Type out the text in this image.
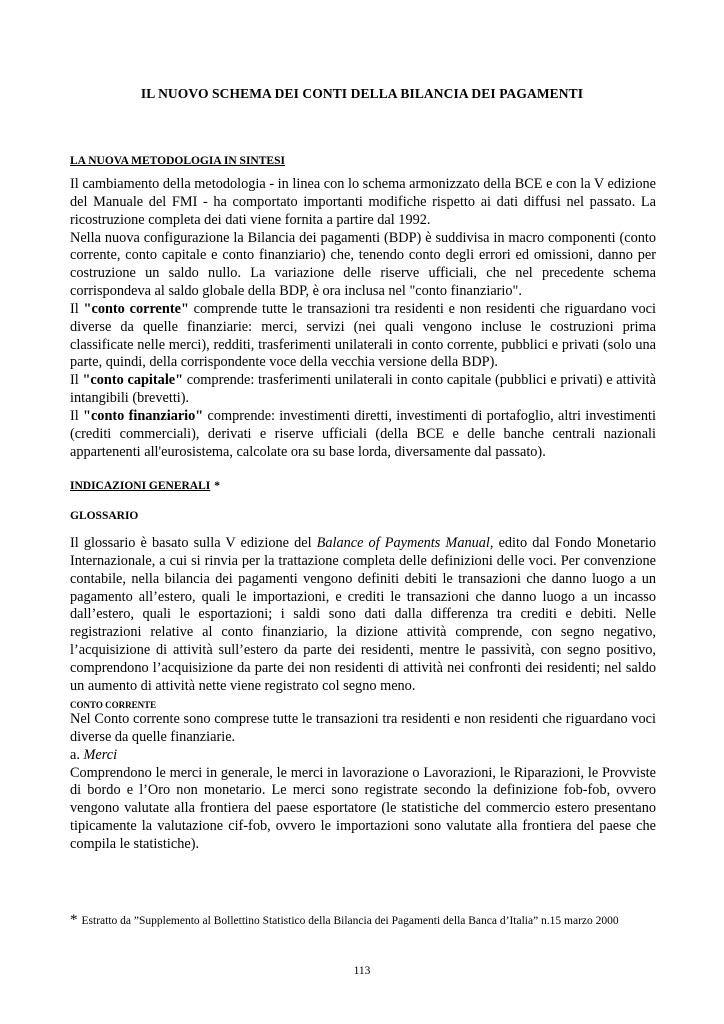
IL NUOVO SCHEMA DEI CONTI DELLA BILANCIA DEI PAGAMENTI
LA NUOVA METODOLOGIA IN SINTESI

Il cambiamento della metodologia - in linea con lo schema armonizzato della BCE e con la V edizione del Manuale del FMI - ha comportato importanti modifiche rispetto ai dati diffusi nel passato. La ricostruzione completa dei dati viene fornita a partire dal 1992.

Nella nuova configurazione la Bilancia dei pagamenti (BDP) è suddivisa in macro componenti (conto corrente, conto capitale e conto finanziario) che, tenendo conto degli errori ed omissioni, danno per costruzione un saldo nullo. La variazione delle riserve ufficiali, che nel precedente schema corrispondeva al saldo globale della BDP, è ora inclusa nel "conto finanziario".

Il "conto corrente" comprende tutte le transazioni tra residenti e non residenti che riguardano voci diverse da quelle finanziarie: merci, servizi (nei quali vengono incluse le costruzioni prima classificate nelle merci), redditi, trasferimenti unilaterali in conto corrente, pubblici e privati (solo una parte, quindi, della corrispondente voce della vecchia versione della BDP).

Il "conto capitale" comprende: trasferimenti unilaterali in conto capitale (pubblici e privati) e attività intangibili (brevetti).

Il "conto finanziario" comprende: investimenti diretti, investimenti di portafoglio, altri investimenti (crediti commerciali), derivati e riserve ufficiali (della BCE e delle banche centrali nazionali appartenenti all'eurosistema, calcolate ora su base lorda, diversamente dal passato).

INDICAZIONI GENERALI *
GLOSSARIO

Il glossario è basato sulla V edizione del Balance of Payments Manual, edito dal Fondo Monetario Internazionale, a cui si rinvia per la trattazione completa delle definizioni delle voci. Per convenzione contabile, nella bilancia dei pagamenti vengono definiti debiti le transazioni che danno luogo a un pagamento all’estero, quali le importazioni, e crediti le transazioni che danno luogo a un incasso dall’estero, quali le esportazioni; i saldi sono dati dalla differenza tra crediti e debiti. Nelle registrazioni relative al conto finanziario, la dizione attività comprende, con segno negativo, l’acquisizione di attività sull’estero da parte dei residenti, mentre le passività, con segno positivo, comprendono l’acquisizione da parte dei non residenti di attività nei confronti dei residenti; nel saldo un aumento di attività nette viene registrato col segno meno.

CONTO CORRENTE

Nel Conto corrente sono comprese tutte le transazioni tra residenti e non residenti che riguardano voci diverse da quelle finanziarie.

a. Merci

Comprendono le merci in generale, le merci in lavorazione o Lavorazioni, le Riparazioni, le Provviste di bordo e l’Oro non monetario. Le merci sono registrate secondo la definizione fob-fob, ovvero vengono valutate alla frontiera del paese esportatore (le statistiche del commercio estero presentano tipicamente la valutazione cif-fob, ovvero le importazioni sono valutate alla frontiera del paese che compila le statistiche).

* Estratto da ”Supplemento al Bollettino Statistico della Bilancia dei Pagamenti della Banca d’Italia” n.15 marzo 2000
113
